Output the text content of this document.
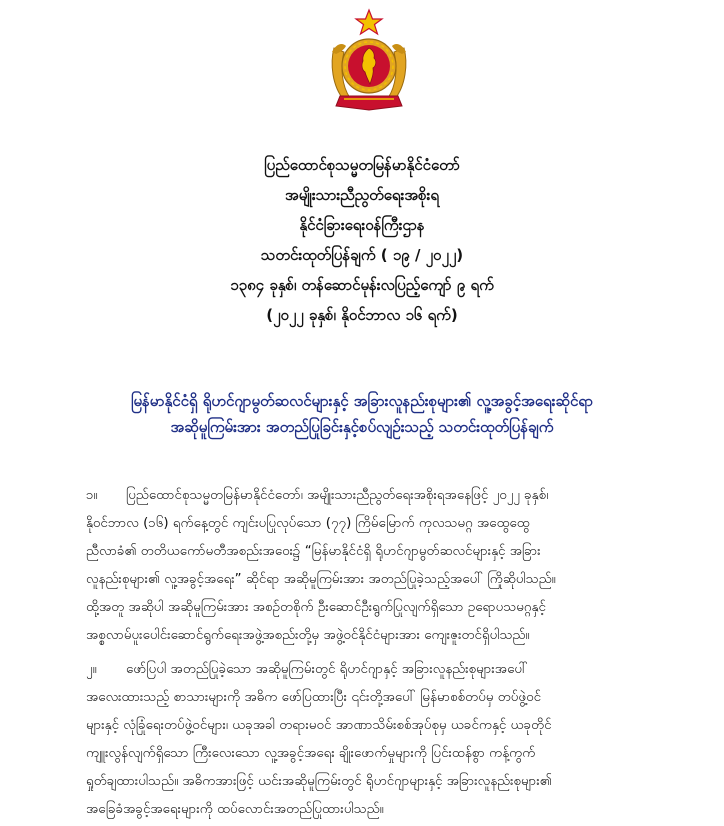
ပြည်ထောင်စုသမ္မတမြန်မာနိုင်ငံတော်
အမျိုးသားညီညွတ်ရေးအစိုးရ
နိုင်ငံခြားရေးဝန်ကြီးဌာန
သတင်းထုတ်ပြန်ချက် ( ၁၉ / ၂၀၂၂)
၁၃၈၄ ခုနှစ်၊ တန်ဆောင်မုန်းလပြည့်ကျော် ၉ ရက်
(၂၀၂၂ ခုနှစ်၊ နိုဝင်ဘာလ ၁၆ ရက်)
မြန်မာနိုင်ငံရှိ ရိုဟင်ဂျာမွတ်ဆလင်များနှင့် အခြားလူနည်းစုများ၏ လူ့အခွင့်အရေးဆိုင်ရာ
အဆိုမူကြမ်းအား အတည်ပြုခြင်းနှင့်စပ်လျဉ်းသည့် သတင်းထုတ်ပြန်ချက်
၁။	ပြည်ထောင်စုသမ္မတမြန်မာနိုင်ငံတော်၊ အမျိုးသားညီညွတ်ရေးအစိုးရအနေဖြင့် ၂၀၂၂ ခုနှစ်၊
နိုဝင်ဘာလ (၁၆) ရက်နေ့တွင် ကျင်းပပြုလုပ်သော (၇၇) ကြိမ်မြောက် ကုလသမဂ္ဂ အထွေထွေ
ညီလာခံ၏ တတိယကော်မတီအစည်းအဝေး၌ “မြန်မာနိုင်ငံရှိ ရိုဟင်ဂျာမွတ်ဆလင်များနှင့် အခြား
လူနည်းစုများ၏ လူ့အခွင့်အရေး” ဆိုင်ရာ အဆိုမူကြမ်းအား အတည်ပြုခဲ့သည့်အပေါ် ကြိုဆိုပါသည်။
ထို့အတူ အဆိုပါ အဆိုမူကြမ်းအား အစဉ်တစိုက် ဦးဆောင်ဦးရွက်ပြုလျက်ရှိသော ဥရောပသမဂ္ဂနှင့်
အစ္စလာမ်ပူးပေါင်းဆောင်ရွက်ရေးအဖွဲ့အစည်းတို့မှ အဖွဲ့ဝင်နိုင်ငံများအား ကျေးဇူးတင်ရှိပါသည်။
၂။	ဖော်ပြပါ အတည်ပြုခဲ့သော အဆိုမူကြမ်းတွင် ရိုဟင်ဂျာနှင့် အခြားလူနည်းစုများအပေါ်
အလေးထားသည့် စာသားများကို အဓိက ဖော်ပြထားပြီး ၎င်းတို့အပေါ် မြန်မာစစ်တပ်မှ တပ်ဖွဲ့ဝင်
များနှင့် လုံခြုံရေးတပ်ဖွဲ့ဝင်များ၊ ယခုအခါ တရားမဝင် အာဏာသိမ်းစစ်အုပ်စုမှ ယခင်ကနှင့် ယခုတိုင်
ကျူးလွန်လျက်ရှိသော ကြီးလေးသော လူ့အခွင့်အရေး ချိုးဖောက်မှုများကို ပြင်းထန်စွာ ကန့်ကွက်
ရှုတ်ချထားပါသည်။ အဓိကအားဖြင့် ယင်းအဆိုမူကြမ်းတွင် ရိုဟင်ဂျာများနှင့် အခြားလူနည်းစုများ၏
အခြေခံအခွင့်အရေးများကို ထပ်လောင်းအတည်ပြုထားပါသည်။
